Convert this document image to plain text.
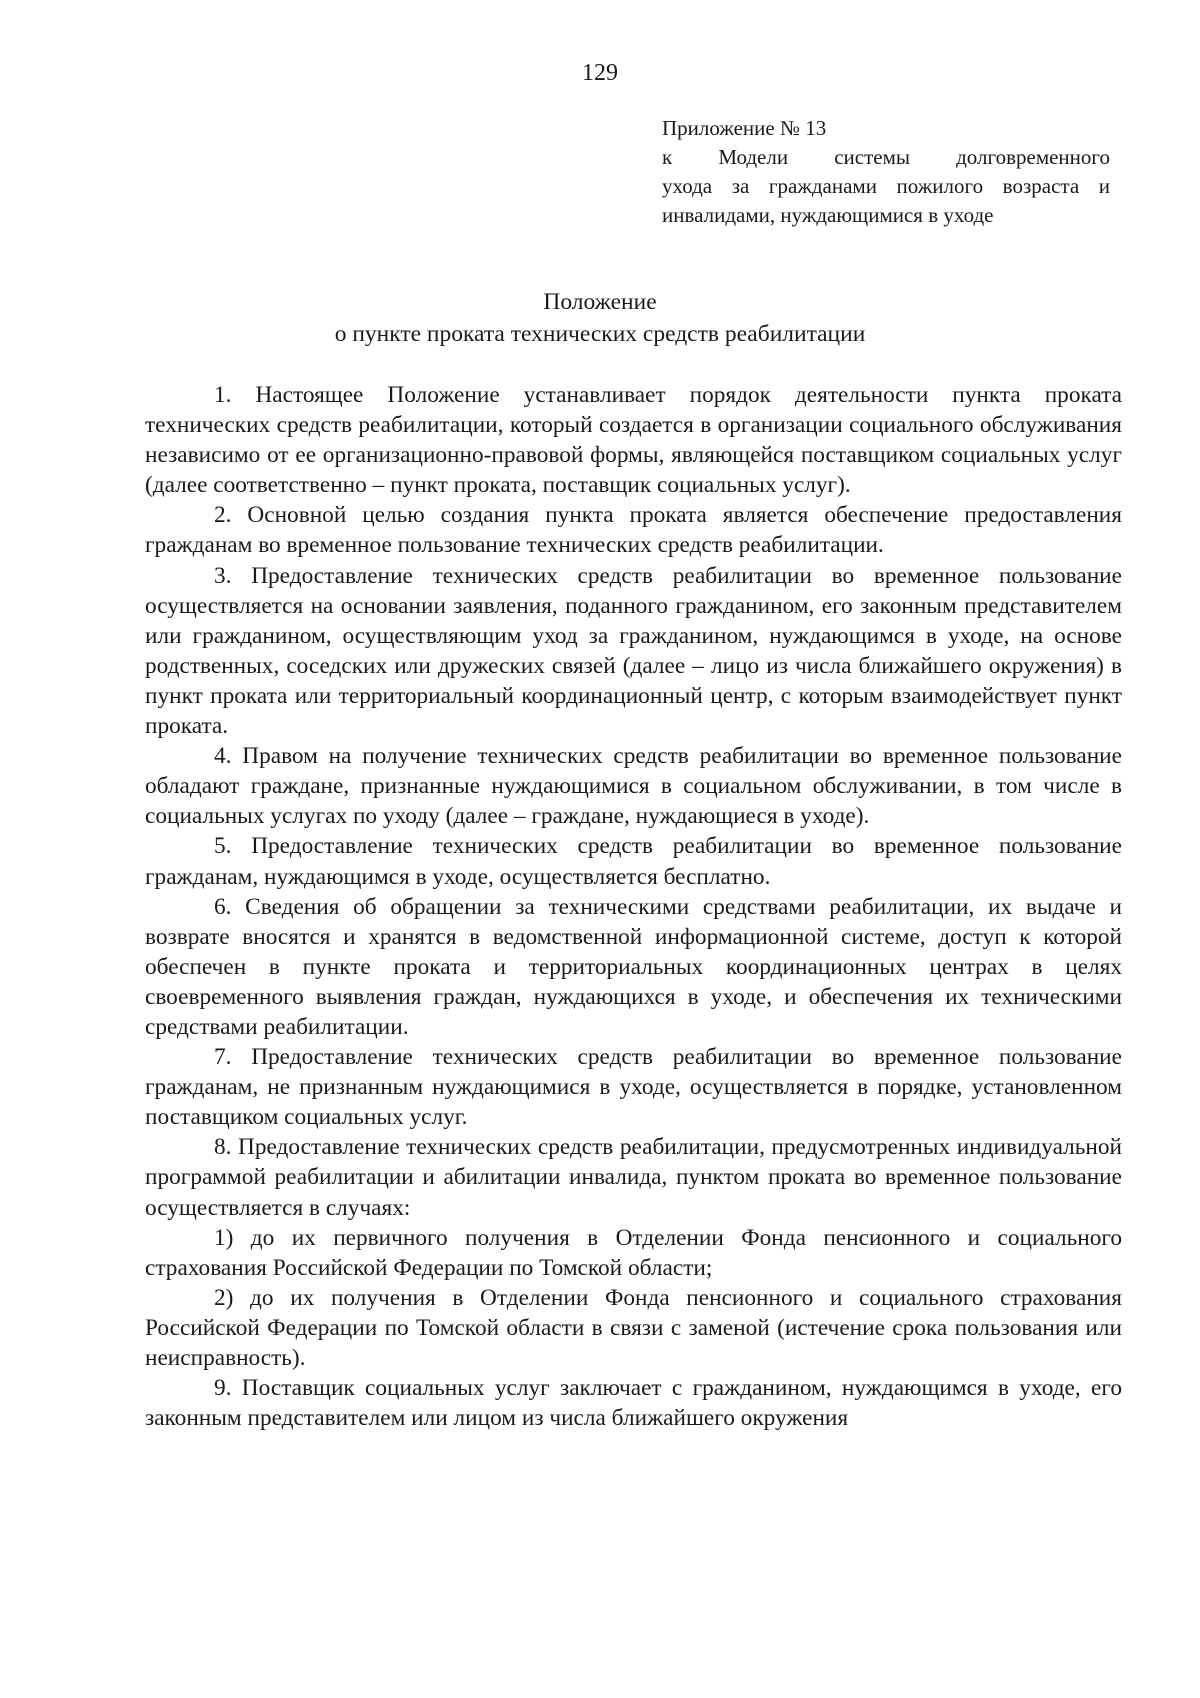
129
Приложение № 13
к Модели системы долговременного
ухода за гражданами пожилого возраста и
инвалидами, нуждающимися в уходе
Положение
о пункте проката технических средств реабилитации

1. Настоящее Положение устанавливает порядок деятельности пункта проката технических средств реабилитации, который создается в организации социального обслуживания независимо от ее организационно-правовой формы, являющейся поставщиком социальных услуг (далее соответственно – пункт проката, поставщик социальных услуг).

2. Основной целью создания пункта проката является обеспечение предоставления гражданам во временное пользование технических средств реабилитации.

3. Предоставление технических средств реабилитации во временное пользование осуществляется на основании заявления, поданного гражданином, его законным представителем или гражданином, осуществляющим уход за гражданином, нуждающимся в уходе, на основе родственных, соседских или дружеских связей (далее – лицо из числа ближайшего окружения) в пункт проката или территориальный координационный центр, с которым взаимодействует пункт проката.

4. Правом на получение технических средств реабилитации во временное пользование обладают граждане, признанные нуждающимися в социальном обслуживании, в том числе в социальных услугах по уходу (далее – граждане, нуждающиеся в уходе).

5. Предоставление технических средств реабилитации во временное пользование гражданам, нуждающимся в уходе, осуществляется бесплатно.

6. Сведения об обращении за техническими средствами реабилитации, их выдаче и возврате вносятся и хранятся в ведомственной информационной системе, доступ к которой обеспечен в пункте проката и территориальных координационных центрах в целях своевременного выявления граждан, нуждающихся в уходе, и обеспечения их техническими средствами реабилитации.

7. Предоставление технических средств реабилитации во временное пользование гражданам, не признанным нуждающимися в уходе, осуществляется в порядке, установленном поставщиком социальных услуг.

8. Предоставление технических средств реабилитации, предусмотренных индивидуальной программой реабилитации и абилитации инвалида, пунктом проката во временное пользование осуществляется в случаях:

1) до их первичного получения в Отделении Фонда пенсионного и социального страхования Российской Федерации по Томской области;

2) до их получения в Отделении Фонда пенсионного и социального страхования Российской Федерации по Томской области в связи с заменой (истечение срока пользования или неисправность).

9. Поставщик социальных услуг заключает с гражданином, нуждающимся в уходе, его законным представителем или лицом из числа ближайшего окружения
